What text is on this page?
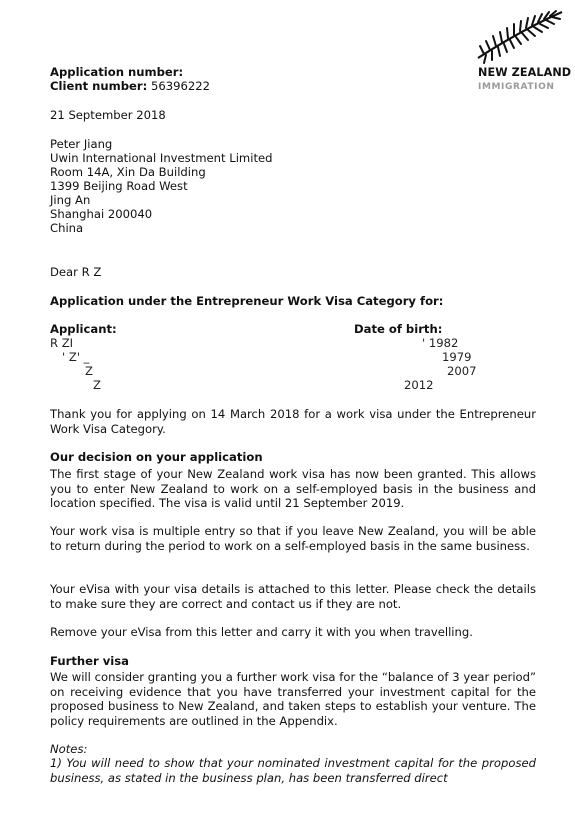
NEW ZEALAND
IMMIGRATION
Application number:
Client number: 56396222
21 September 2018
Peter Jiang
Uwin International Investment Limited
Room 14A, Xin Da Building
1399 Beijing Road West
Jing An
Shanghai 200040
China
Dear R Z
Application under the Entrepreneur Work Visa Category for:
Applicant:	Date of birth:
R ZI	' 1982
' Z' _	1979
Z	2007
Z	2012
Thank you for applying on 14 March 2018 for a work visa under the Entrepreneur Work Visa Category.
Our decision on your application
The first stage of your New Zealand work visa has now been granted. This allows you to enter New Zealand to work on a self-employed basis in the business and location specified. The visa is valid until 21 September 2019.
Your work visa is multiple entry so that if you leave New Zealand, you will be able to return during the period to work on a self-employed basis in the same business.
Your eVisa with your visa details is attached to this letter. Please check the details to make sure they are correct and contact us if they are not.
Remove your eVisa from this letter and carry it with you when travelling.
Further visa
We will consider granting you a further work visa for the “balance of 3 year period” on receiving evidence that you have transferred your investment capital for the proposed business to New Zealand, and taken steps to establish your venture. The policy requirements are outlined in the Appendix.
Notes:
1) You will need to show that your nominated investment capital for the proposed business, as stated in the business plan, has been transferred direct
